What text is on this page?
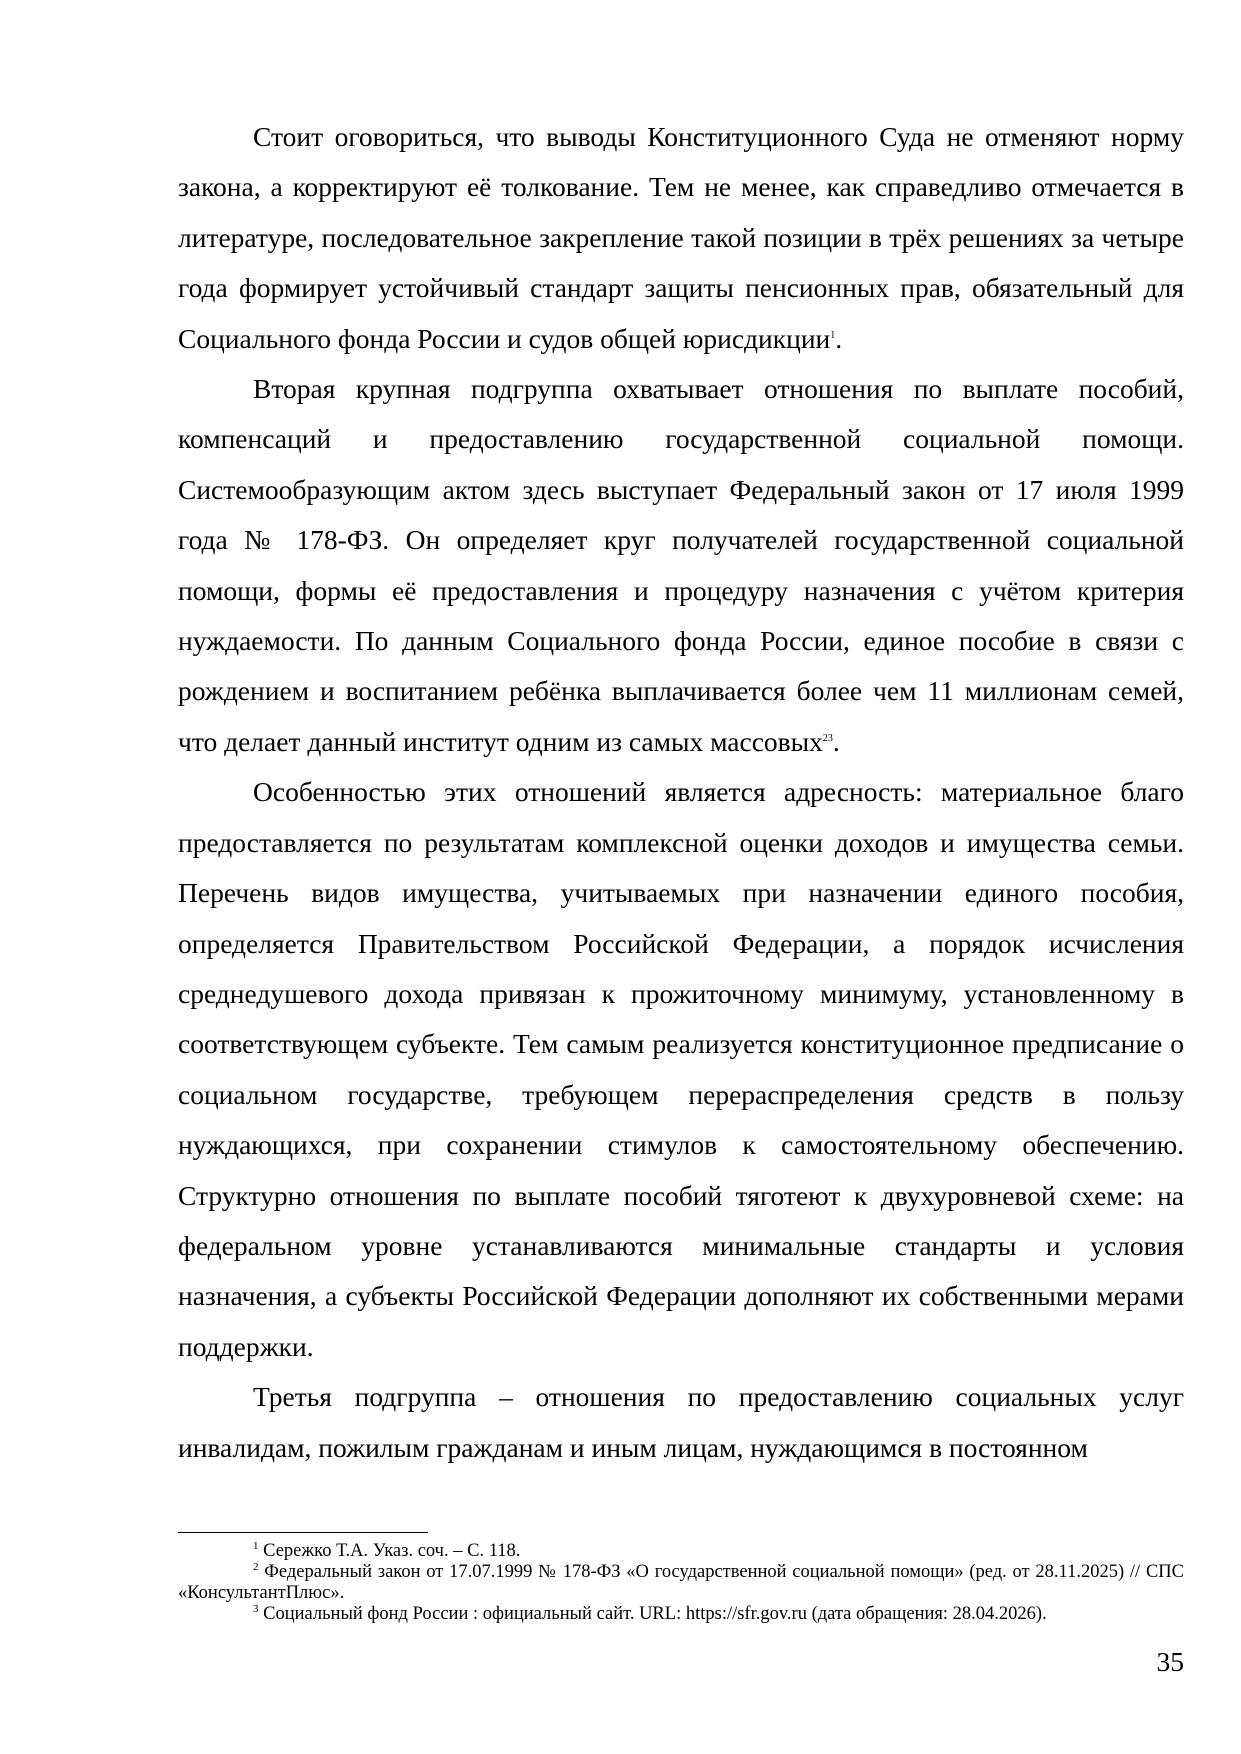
Стоит оговориться, что выводы Конституционного Суда не отменяют норму закона, а корректируют её толкование. Тем не менее, как справедливо отмечается в литературе, последовательное закрепление такой позиции в трёх решениях за четыре года формирует устойчивый стандарт защиты пенсионных прав, обязательный для Социального фонда России и судов общей юрисдикции$^1$.

Вторая крупная подгруппа охватывает отношения по выплате пособий, компенсаций и предоставлению государственной социальной помощи. Системообразующим актом здесь выступает Федеральный закон от 17 июля 1999 года № 178-ФЗ. Он определяет круг получателей государственной социальной помощи, формы её предоставления и процедуру назначения с учётом критерия нуждаемости. По данным Социального фонда России, единое пособие в связи с рождением и воспитанием ребёнка выплачивается более чем 11 миллионам семей, что делает данный институт одним из самых массовых$^{23}$.

Особенностью этих отношений является адресность: материальное благо предоставляется по результатам комплексной оценки доходов и имущества семьи. Перечень видов имущества, учитываемых при назначении единого пособия, определяется Правительством Российской Федерации, а порядок исчисления среднедушевого дохода привязан к прожиточному минимуму, установленному в соответствующем субъекте. Тем самым реализуется конституционное предписание о социальном государстве, требующем перераспределения средств в пользу нуждающихся, при сохранении стимулов к самостоятельному обеспечению. Структурно отношения по выплате пособий тяготеют к двухуровневой схеме: на федеральном уровне устанавливаются минимальные стандарты и условия назначения, а субъекты Российской Федерации дополняют их собственными мерами поддержки.

Третья подгруппа – отношения по предоставлению социальных услуг инвалидам, пожилым гражданам и иным лицам, нуждающимся в постоянном

$^1$ Сережко Т.А. Указ. соч. – С. 118.

$^2$ Федеральный закон от 17.07.1999 № 178-ФЗ «О государственной социальной помощи» (ред. от 28.11.2025) // СПС «КонсультантПлюс».

$^3$ Социальный фонд России : официальный сайт. URL: https://sfr.gov.ru (дата обращения: 28.04.2026).

35
